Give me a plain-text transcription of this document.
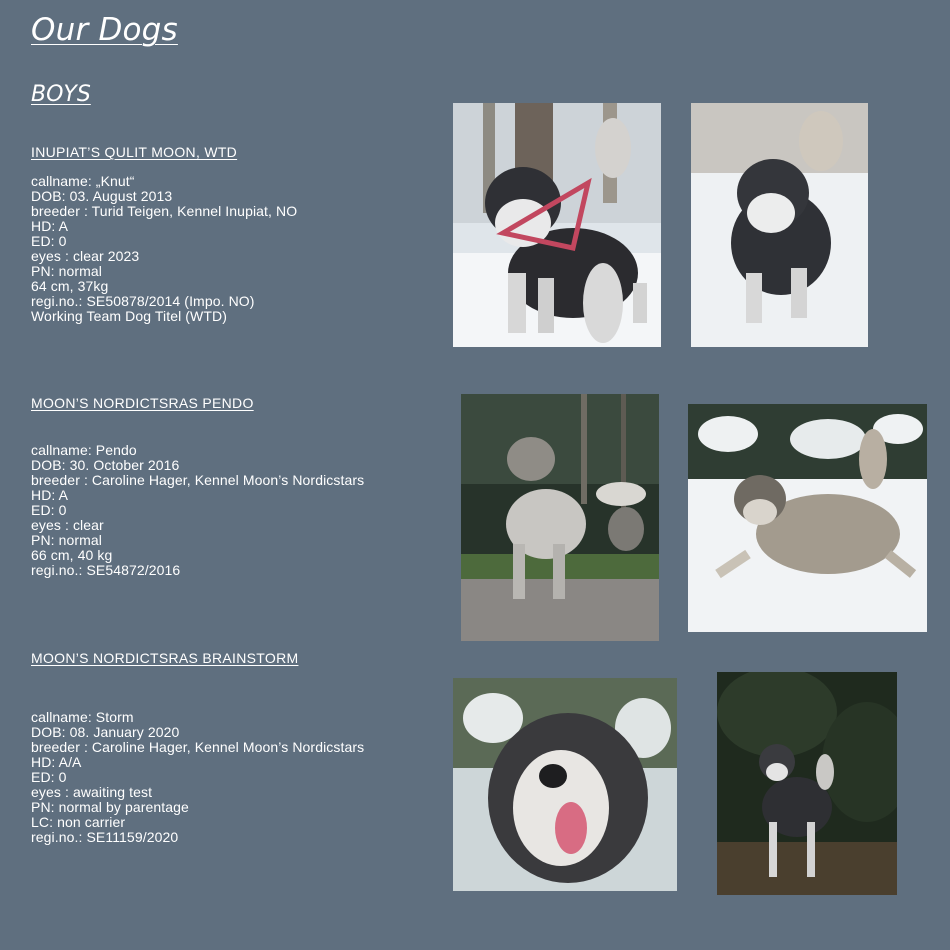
Our Dogs
BOYS
INUPIAT’S QULIT MOON, WTD
callname: „Knut“
DOB: 03. August 2013
breeder : Turid Teigen, Kennel Inupiat, NO
HD: A
ED: 0
eyes : clear 2023
PN: normal
64 cm, 37kg
regi.no.: SE50878/2014 (Impo. NO)
Working Team Dog Titel (WTD)
MOON’S NORDICTSRAS PENDO
callname: Pendo
DOB: 30. October 2016
breeder : Caroline Hager, Kennel Moon’s Nordicstars
HD: A
ED: 0
eyes : clear
PN: normal
66 cm, 40 kg
regi.no.: SE54872/2016
MOON’S NORDICTSRAS BRAINSTORM
callname: Storm
DOB: 08. January 2020
breeder : Caroline Hager, Kennel Moon’s Nordicstars
HD: A/A
ED: 0
eyes : awaiting test
PN: normal by parentage
LC: non carrier
regi.no.: SE11159/2020
